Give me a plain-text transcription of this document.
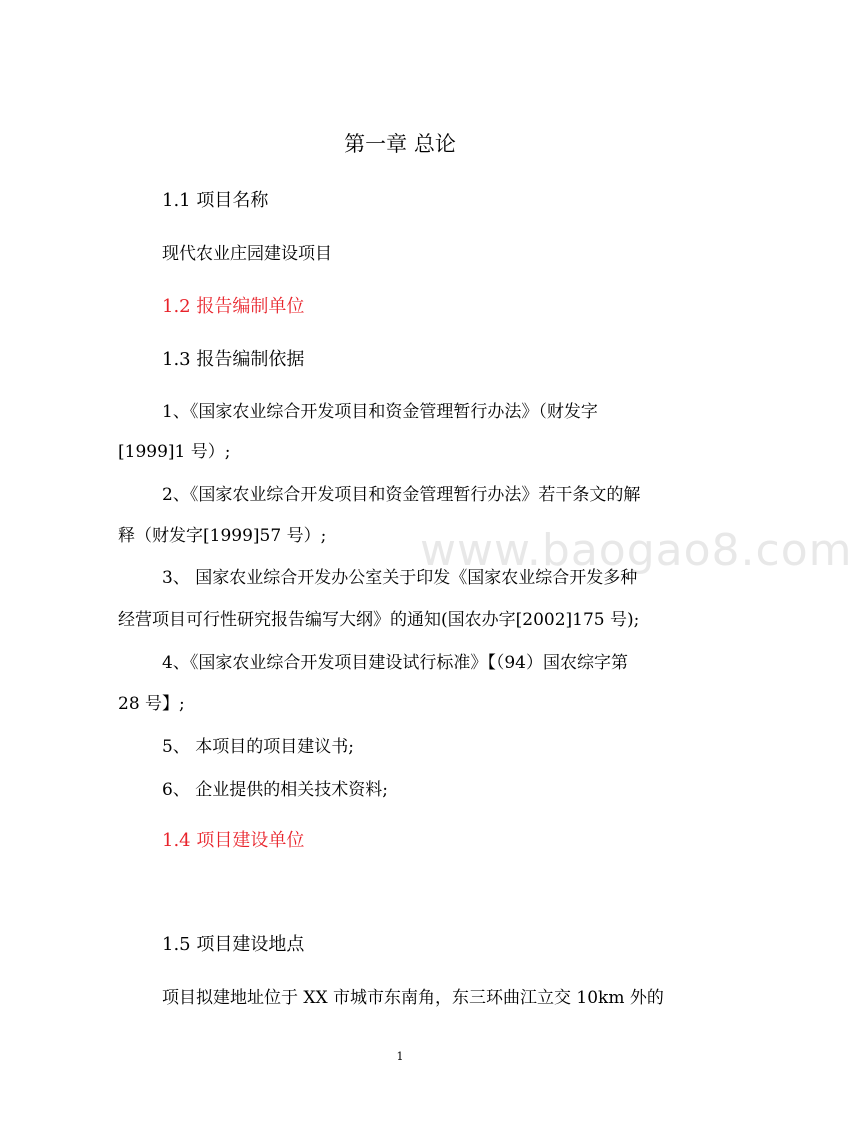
www.baogao8.com
第一章 总论
1.1 项目名称
现代农业庄园建设项目
1.2 报告编制单位
1.3 报告编制依据
1、《国家农业综合开发项目和资金管理暂行办法》（财发字
[1999]1 号）;
2、《国家农业综合开发项目和资金管理暂行办法》若干条文的解
释（财发字[1999]57 号）;
3、 国家农业综合开发办公室关于印发《国家农业综合开发多种
经营项目可行性研究报告编写大纲》的通知(国农办字[2002]175 号);
4、《国家农业综合开发项目建设试行标准》【（94）国农综字第
28 号】;
5、 本项目的项目建议书;
6、 企业提供的相关技术资料;
1.4 项目建设单位
1.5 项目建设地点
项目拟建地址位于 XX 市城市东南角，东三环曲江立交 10km 外的
1
